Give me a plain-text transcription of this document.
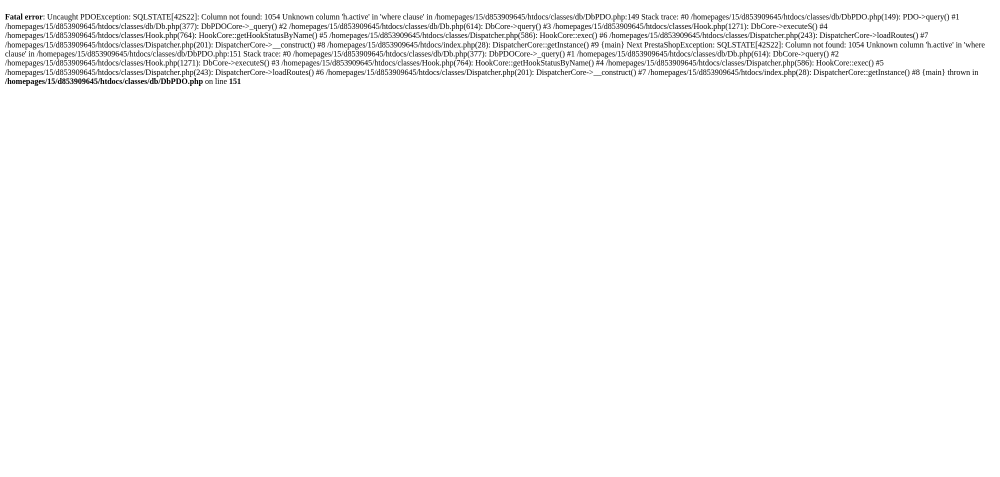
Fatal error: Uncaught PDOException: SQLSTATE[42S22]: Column not found: 1054 Unknown column 'h.active' in 'where clause' in /homepages/15/d853909645/htdocs/classes/db/DbPDO.php:149 Stack trace: #0 /homepages/15/d853909645/htdocs/classes/db/DbPDO.php(149): PDO->query() #1 /homepages/15/d853909645/htdocs/classes/db/Db.php(377): DbPDOCore->_query() #2 /homepages/15/d853909645/htdocs/classes/db/Db.php(614): DbCore->query() #3 /homepages/15/d853909645/htdocs/classes/Hook.php(1271): DbCore->executeS() #4 /homepages/15/d853909645/htdocs/classes/Hook.php(764): HookCore::getHookStatusByName() #5 /homepages/15/d853909645/htdocs/classes/Dispatcher.php(586): HookCore::exec() #6 /homepages/15/d853909645/htdocs/classes/Dispatcher.php(243): DispatcherCore->loadRoutes() #7 /homepages/15/d853909645/htdocs/classes/Dispatcher.php(201): DispatcherCore->__construct() #8 /homepages/15/d853909645/htdocs/index.php(28): DispatcherCore::getInstance() #9 {main} Next PrestaShopException: SQLSTATE[42S22]: Column not found: 1054 Unknown column 'h.active' in 'where clause' in /homepages/15/d853909645/htdocs/classes/db/DbPDO.php:151 Stack trace: #0 /homepages/15/d853909645/htdocs/classes/db/Db.php(377): DbPDOCore->_query() #1 /homepages/15/d853909645/htdocs/classes/db/Db.php(614): DbCore->query() #2 /homepages/15/d853909645/htdocs/classes/Hook.php(1271): DbCore->executeS() #3 /homepages/15/d853909645/htdocs/classes/Hook.php(764): HookCore::getHookStatusByName() #4 /homepages/15/d853909645/htdocs/classes/Dispatcher.php(586): HookCore::exec() #5 /homepages/15/d853909645/htdocs/classes/Dispatcher.php(243): DispatcherCore->loadRoutes() #6 /homepages/15/d853909645/htdocs/classes/Dispatcher.php(201): DispatcherCore->__construct() #7 /homepages/15/d853909645/htdocs/index.php(28): DispatcherCore::getInstance() #8 {main} thrown in /homepages/15/d853909645/htdocs/classes/db/DbPDO.php on line 151
